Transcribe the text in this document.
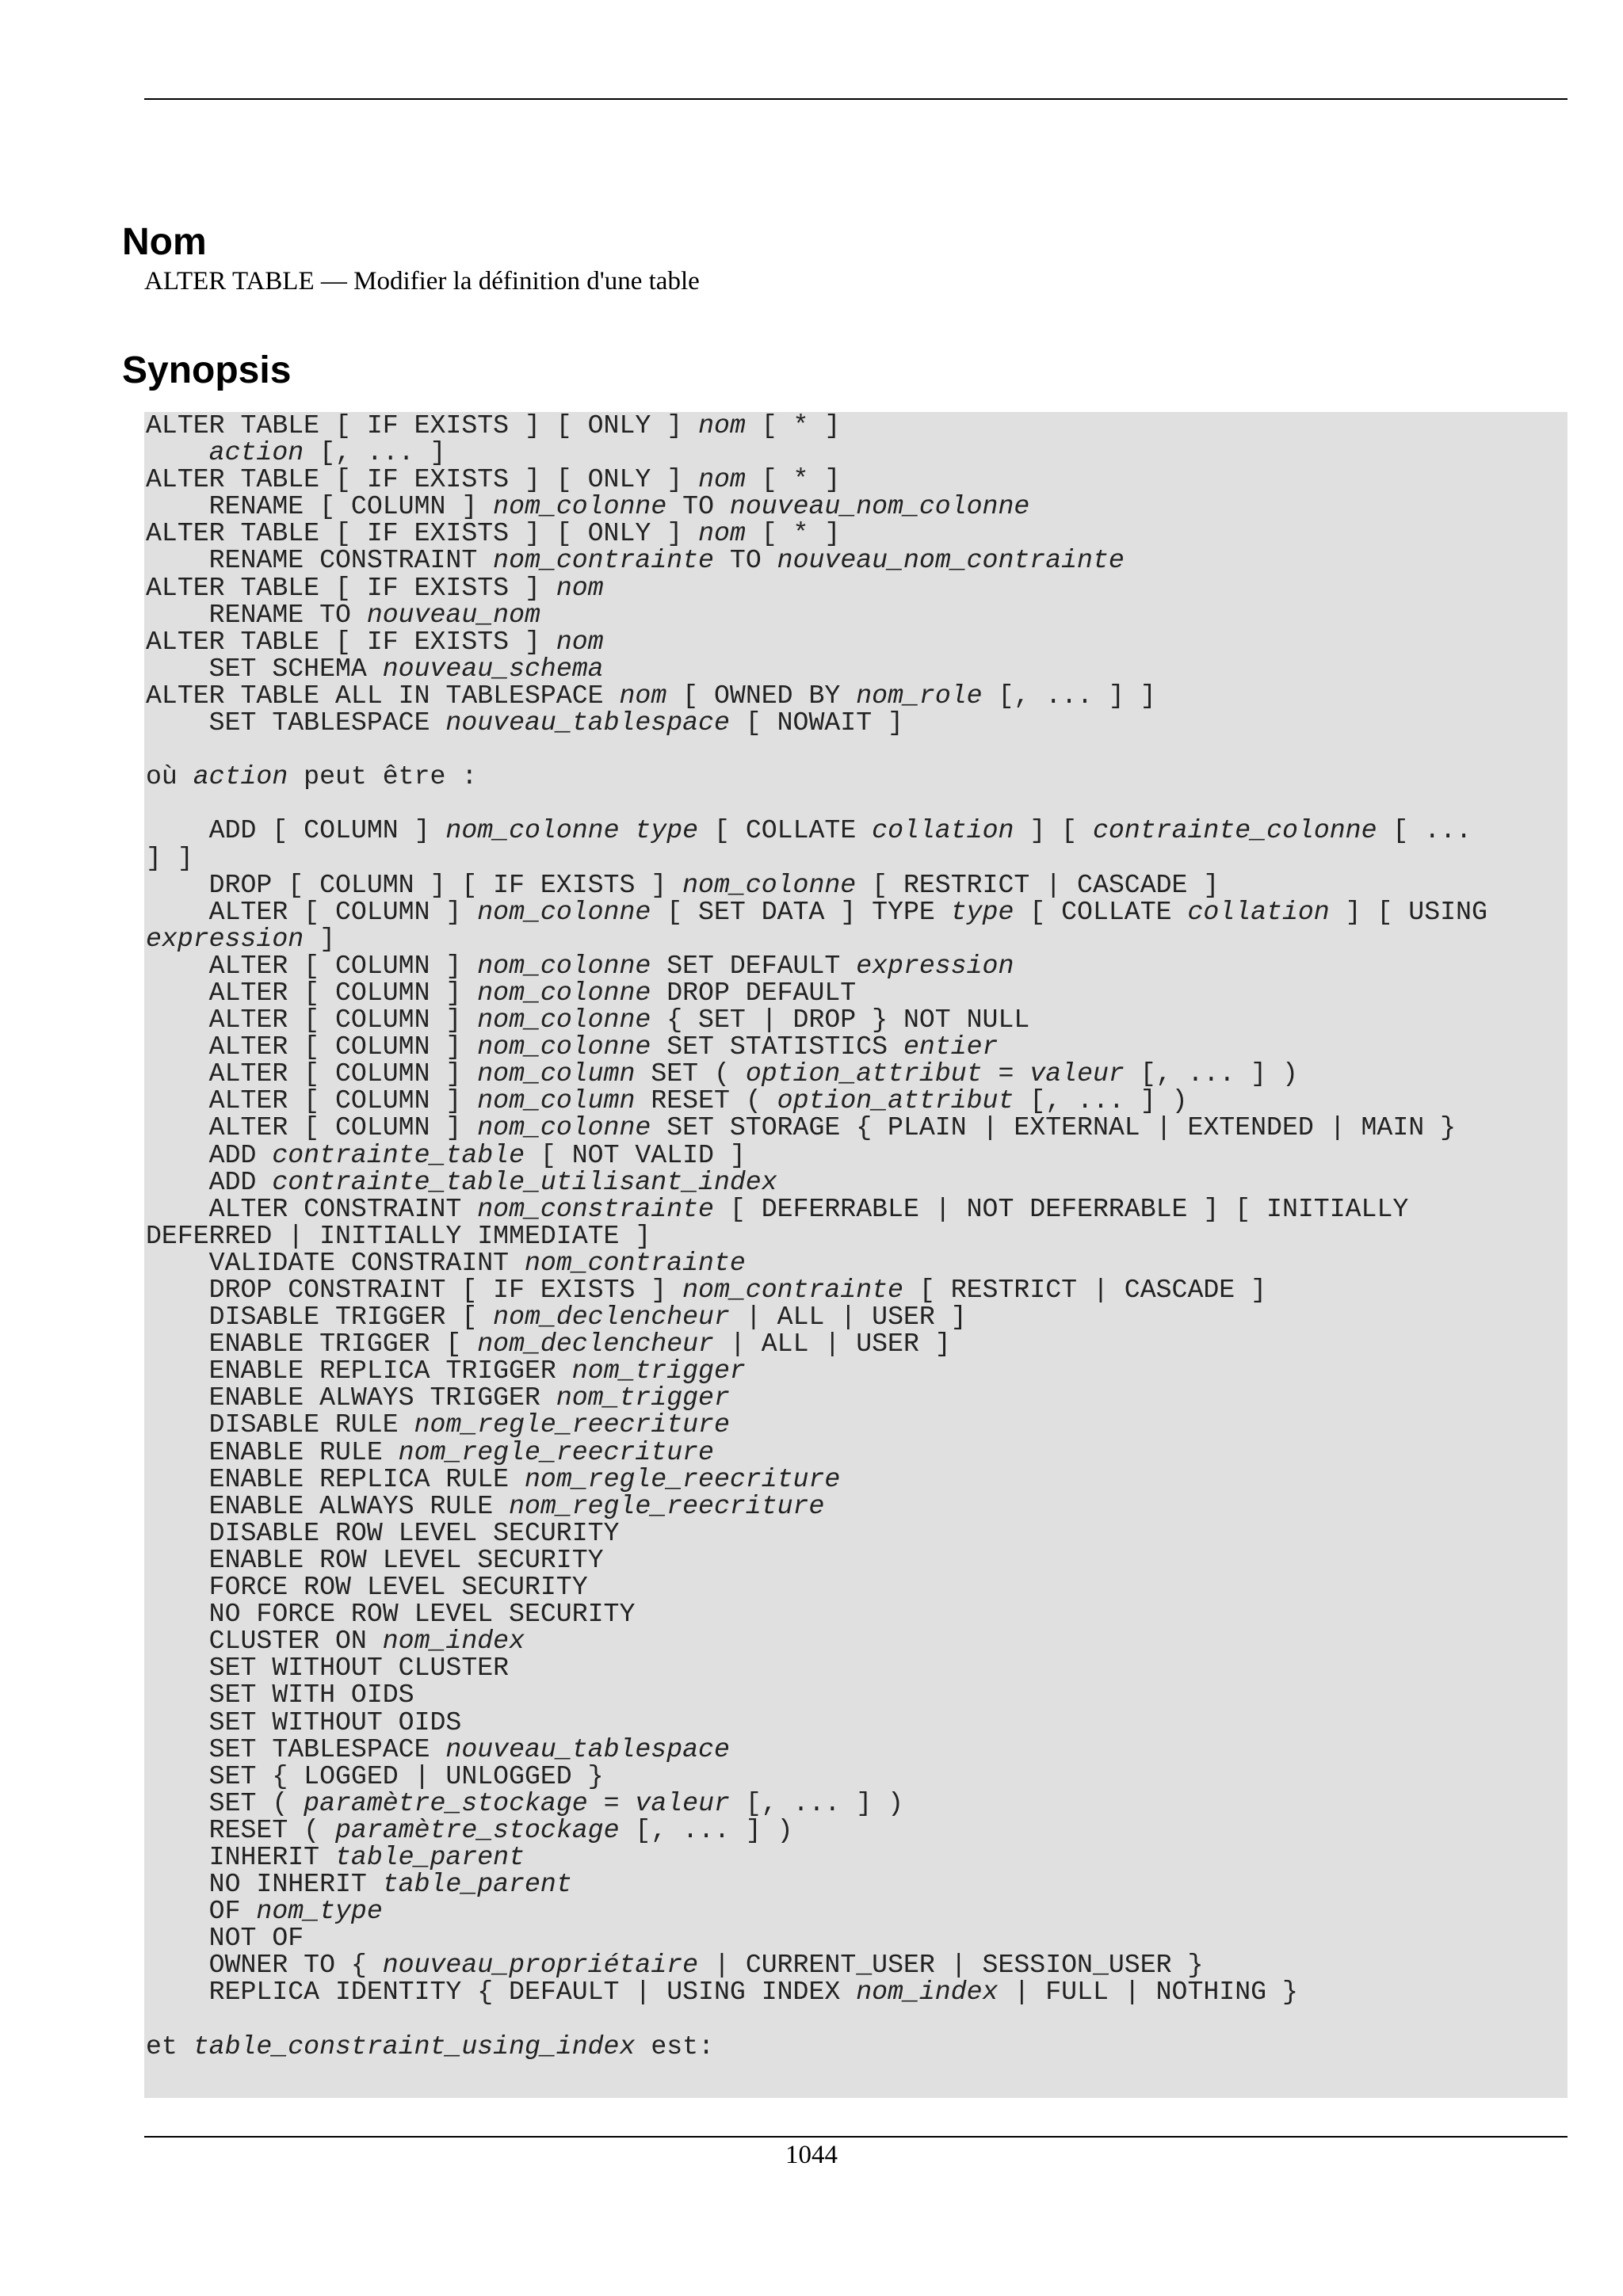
Nom
ALTER TABLE — Modifier la définition d'une table
Synopsis
ALTER TABLE [ IF EXISTS ] [ ONLY ] nom [ * ]
action [, ... ]
ALTER TABLE [ IF EXISTS ] [ ONLY ] nom [ * ]
RENAME [ COLUMN ] nom_colonne TO nouveau_nom_colonne
ALTER TABLE [ IF EXISTS ] [ ONLY ] nom [ * ]
RENAME CONSTRAINT nom_contrainte TO nouveau_nom_contrainte
ALTER TABLE [ IF EXISTS ] nom
RENAME TO nouveau_nom
ALTER TABLE [ IF EXISTS ] nom
SET SCHEMA nouveau_schema
ALTER TABLE ALL IN TABLESPACE nom [ OWNED BY nom_role [, ... ] ]
SET TABLESPACE nouveau_tablespace [ NOWAIT ]

où action peut être :

ADD [ COLUMN ] nom_colonne type [ COLLATE collation ] [ contrainte_colonne [ ...
] ]
DROP [ COLUMN ] [ IF EXISTS ] nom_colonne [ RESTRICT | CASCADE ]
ALTER [ COLUMN ] nom_colonne [ SET DATA ] TYPE type [ COLLATE collation ] [ USING
expression ]
ALTER [ COLUMN ] nom_colonne SET DEFAULT expression
ALTER [ COLUMN ] nom_colonne DROP DEFAULT
ALTER [ COLUMN ] nom_colonne { SET | DROP } NOT NULL
ALTER [ COLUMN ] nom_colonne SET STATISTICS entier
ALTER [ COLUMN ] nom_column SET ( option_attribut = valeur [, ... ] )
ALTER [ COLUMN ] nom_column RESET ( option_attribut [, ... ] )
ALTER [ COLUMN ] nom_colonne SET STORAGE { PLAIN | EXTERNAL | EXTENDED | MAIN }
ADD contrainte_table [ NOT VALID ]
ADD contrainte_table_utilisant_index
ALTER CONSTRAINT nom_constrainte [ DEFERRABLE | NOT DEFERRABLE ] [ INITIALLY
DEFERRED | INITIALLY IMMEDIATE ]
VALIDATE CONSTRAINT nom_contrainte
DROP CONSTRAINT [ IF EXISTS ] nom_contrainte [ RESTRICT | CASCADE ]
DISABLE TRIGGER [ nom_declencheur | ALL | USER ]
ENABLE TRIGGER [ nom_declencheur | ALL | USER ]
ENABLE REPLICA TRIGGER nom_trigger
ENABLE ALWAYS TRIGGER nom_trigger
DISABLE RULE nom_regle_reecriture
ENABLE RULE nom_regle_reecriture
ENABLE REPLICA RULE nom_regle_reecriture
ENABLE ALWAYS RULE nom_regle_reecriture
DISABLE ROW LEVEL SECURITY
ENABLE ROW LEVEL SECURITY
FORCE ROW LEVEL SECURITY
NO FORCE ROW LEVEL SECURITY
CLUSTER ON nom_index
SET WITHOUT CLUSTER
SET WITH OIDS
SET WITHOUT OIDS
SET TABLESPACE nouveau_tablespace
SET { LOGGED | UNLOGGED }
SET ( paramètre_stockage = valeur [, ... ] )
RESET ( paramètre_stockage [, ... ] )
INHERIT table_parent
NO INHERIT table_parent
OF nom_type
NOT OF
OWNER TO { nouveau_propriétaire | CURRENT_USER | SESSION_USER }
REPLICA IDENTITY { DEFAULT | USING INDEX nom_index | FULL | NOTHING }

et table_constraint_using_index est:
1044
